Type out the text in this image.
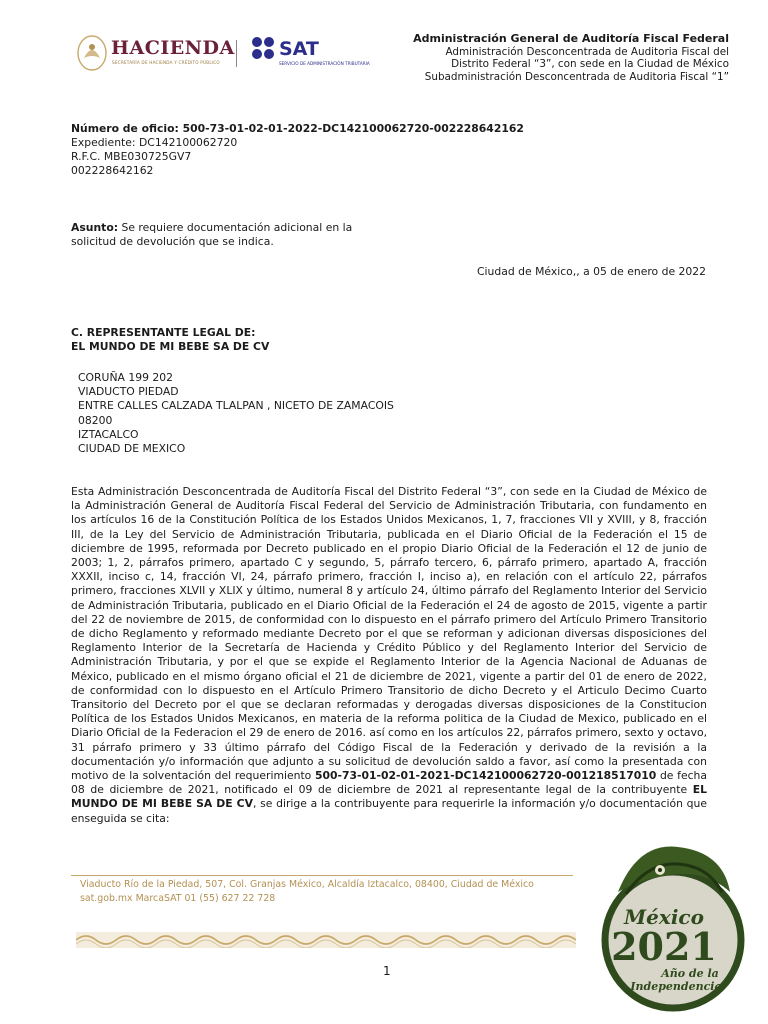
HACIENDA
SECRETARÍA DE HACIENDA Y CRÉDITO PÚBLICO
SAT
SERVICIO DE ADMINISTRACIÓN TRIBUTARIA
Administración General de Auditoría Fiscal Federal
Administración Desconcentrada de Auditoria Fiscal del
Distrito Federal “3”, con sede en la Ciudad de México
Subadministración Desconcentrada de Auditoria Fiscal “1”
Número de oficio: 500-73-01-02-01-2022-DC142100062720-002228642162
Expediente: DC142100062720
R.F.C. MBE030725GV7
002228642162
Asunto: Se requiere documentación adicional en la
solicitud de devolución que se indica.
Ciudad de México,, a 05 de enero de 2022
C. REPRESENTANTE LEGAL DE:
EL MUNDO DE MI BEBE SA DE CV
CORUÑA 199 202
VIADUCTO PIEDAD
ENTRE CALLES CALZADA TLALPAN , NICETO DE ZAMACOIS
08200
IZTACALCO
CIUDAD DE MEXICO
Esta Administración Desconcentrada de Auditoría Fiscal del Distrito Federal “3”, con sede en la Ciudad de México de la Administración General de Auditoría Fiscal Federal del Servicio de Administración Tributaria, con fundamento en los artículos 16 de la Constitución Política de los Estados Unidos Mexicanos, 1, 7, fracciones VII y XVIII, y 8, fracción III, de la Ley del Servicio de Administración Tributaria, publicada en el Diario Oficial de la Federación el 15 de diciembre de 1995, reformada por Decreto publicado en el propio Diario Oficial de la Federación el 12 de junio de 2003; 1, 2, párrafos primero, apartado C y segundo, 5, párrafo tercero, 6, párrafo primero, apartado A, fracción XXXII, inciso c, 14, fracción VI, 24, párrafo primero, fracción I, inciso a), en relación con el artículo 22, párrafos primero, fracciones XLVII y XLIX y último, numeral 8 y artículo 24, último párrafo del Reglamento Interior del Servicio de Administración Tributaria, publicado en el Diario Oficial de la Federación el 24 de agosto de 2015, vigente a partir del 22 de noviembre de 2015, de conformidad con lo dispuesto en el párrafo primero del Artículo Primero Transitorio de dicho Reglamento y reformado mediante Decreto por el que se reforman y adicionan diversas disposiciones del Reglamento Interior de la Secretaría de Hacienda y Crédito Público y del Reglamento Interior del Servicio de Administración Tributaria, y por el que se expide el Reglamento Interior de la Agencia Nacional de Aduanas de México, publicado en el mismo órgano oficial el 21 de diciembre de 2021, vigente a partir del 01 de enero de 2022, de conformidad con lo dispuesto en el Artículo Primero Transitorio de dicho Decreto y el Articulo Decimo Cuarto Transitorio del Decreto por el que se declaran reformadas y derogadas diversas disposiciones de la Constitucion Política de los Estados Unidos Mexicanos, en materia de la reforma politica de la Ciudad de Mexico, publicado en el Diario Oficial de la Federacion el 29 de enero de 2016. así como en los artículos 22, párrafos primero, sexto y octavo, 31 párrafo primero y 33 último párrafo del Código Fiscal de la Federación y derivado de la revisión a la documentación y/o información que adjunto a su solicitud de devolución saldo a favor, así como la presentada con motivo de la solventación del requerimiento 500-73-01-02-01-2021-DC142100062720-001218517010 de fecha 08 de diciembre de 2021, notificado el 09 de diciembre de 2021 al representante legal de la contribuyente EL MUNDO DE MI BEBE SA DE CV, se dirige a la contribuyente para requerirle la información y/o documentación que enseguida se cita:
Viaducto Río de la Piedad, 507, Col. Granjas México, Alcaldía Iztacalco, 08400, Ciudad de México
sat.gob.mx MarcaSAT 01 (55) 627 22 728
1
México
2021
Año de la
Independencia
